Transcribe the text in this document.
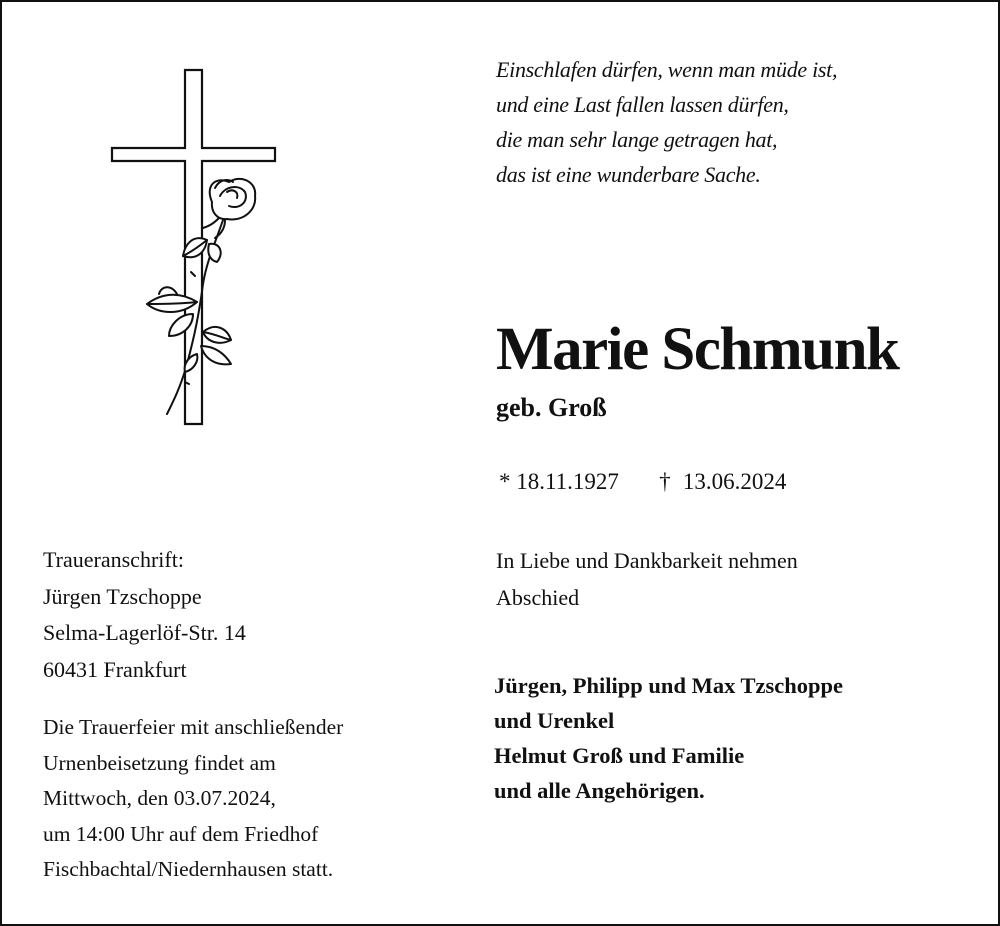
Einschlafen dürfen, wenn man müde ist,
und eine Last fallen lassen dürfen,
die man sehr lange getragen hat,
das ist eine wunderbare Sache.
Marie Schmunk
geb. Groß
* 18.11.1927 † 13.06.2024
In Liebe und Dankbarkeit nehmen
Abschied
Jürgen, Philipp und Max Tzschoppe
und Urenkel
Helmut Groß und Familie
und alle Angehörigen.
Traueranschrift:
Jürgen Tzschoppe
Selma-Lagerlöf-Str. 14
60431 Frankfurt
Die Trauerfeier mit anschließender
Urnenbeisetzung findet am
Mittwoch, den 03.07.2024,
um 14:00 Uhr auf dem Friedhof
Fischbachtal/Niedernhausen statt.
